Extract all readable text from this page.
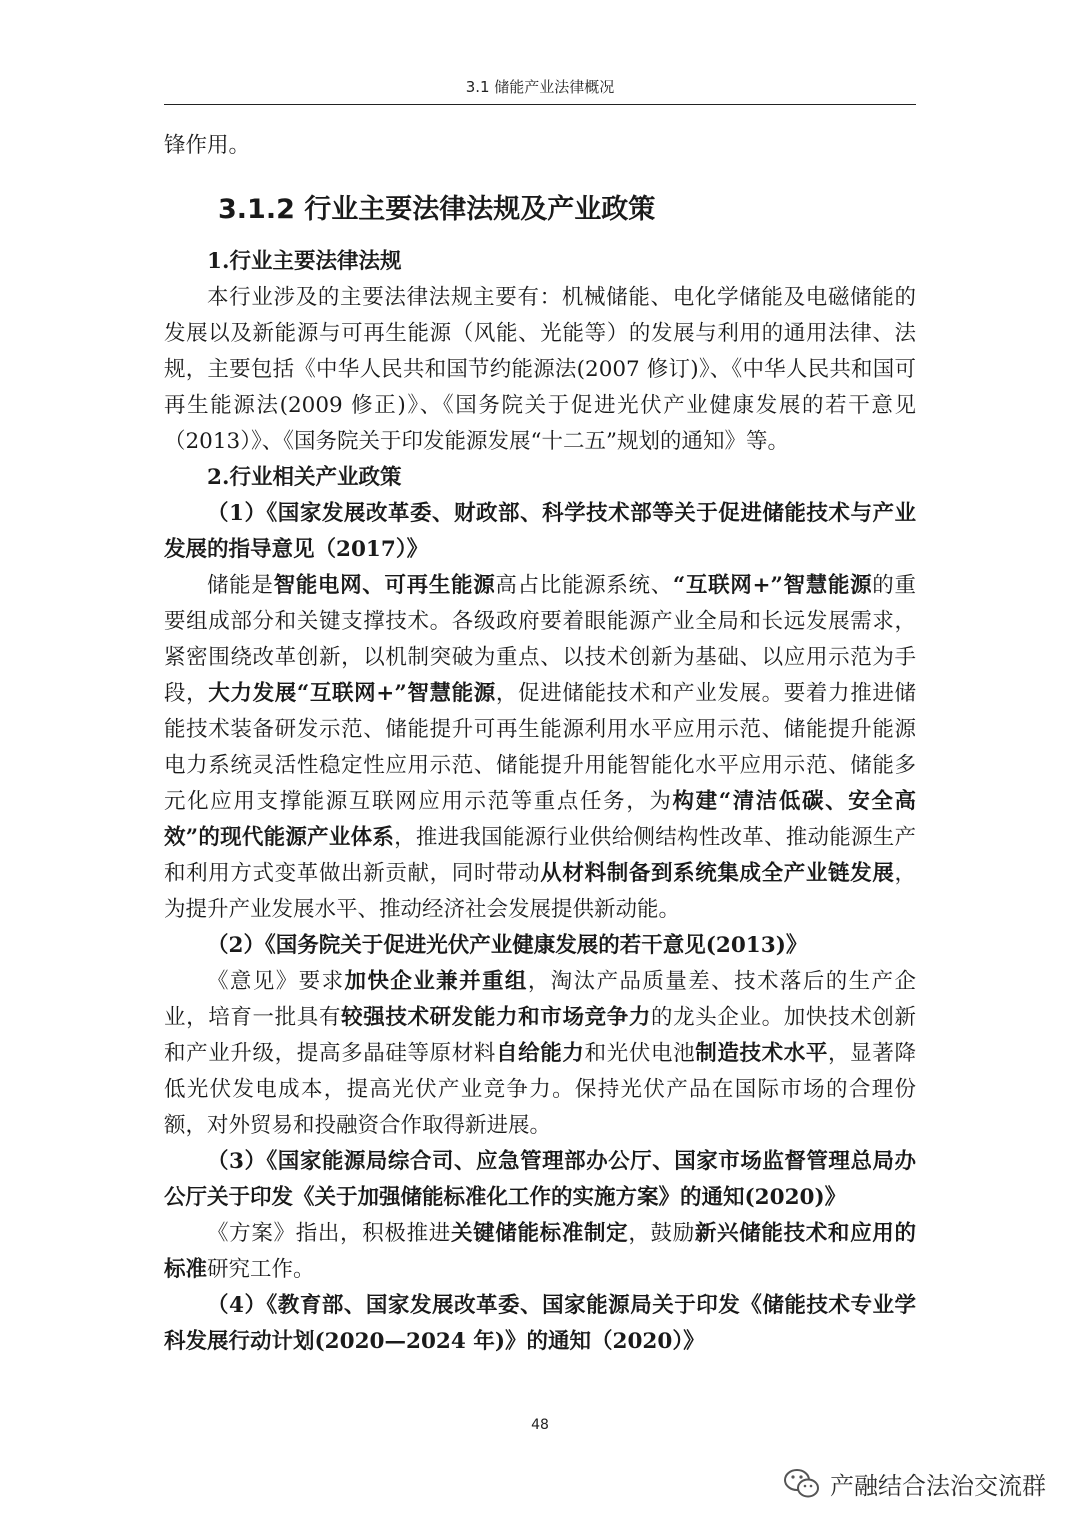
3.1 储能产业法律概况

锋作用。

3.1.2 行业主要法律法规及产业政策

1.行业主要法律法规

本行业涉及的主要法律法规主要有：机械储能、电化学储能及电磁储能的发展以及新能源与可再生能源（风能、光能等）的发展与利用的通用法律、法规，主要包括《中华人民共和国节约能源法(2007 修订)》、《中华人民共和国可再生能源法(2009 修正)》、《国务院关于促进光伏产业健康发展的若干意见（2013）》、《国务院关于印发能源发展“十二五”规划的通知》等。

2.行业相关产业政策

（1）《国家发展改革委、财政部、科学技术部等关于促进储能技术与产业发展的指导意见（2017）》

储能是智能电网、可再生能源高占比能源系统、“互联网+”智慧能源的重要组成部分和关键支撑技术。各级政府要着眼能源产业全局和长远发展需求，紧密围绕改革创新，以机制突破为重点、以技术创新为基础、以应用示范为手段，大力发展“互联网+”智慧能源，促进储能技术和产业发展。要着力推进储能技术装备研发示范、储能提升可再生能源利用水平应用示范、储能提升能源电力系统灵活性稳定性应用示范、储能提升用能智能化水平应用示范、储能多元化应用支撑能源互联网应用示范等重点任务，为构建“清洁低碳、安全高效”的现代能源产业体系，推进我国能源行业供给侧结构性改革、推动能源生产和利用方式变革做出新贡献，同时带动从材料制备到系统集成全产业链发展，为提升产业发展水平、推动经济社会发展提供新动能。

（2）《国务院关于促进光伏产业健康发展的若干意见(2013)》

《意见》要求加快企业兼并重组，淘汰产品质量差、技术落后的生产企业，培育一批具有较强技术研发能力和市场竞争力的龙头企业。加快技术创新和产业升级，提高多晶硅等原材料自给能力和光伏电池制造技术水平，显著降低光伏发电成本，提高光伏产业竞争力。保持光伏产品在国际市场的合理份额，对外贸易和投融资合作取得新进展。

（3）《国家能源局综合司、应急管理部办公厅、国家市场监督管理总局办公厅关于印发《关于加强储能标准化工作的实施方案》的通知(2020)》

《方案》指出，积极推进关键储能标准制定，鼓励新兴储能技术和应用的标准研究工作。

（4）《教育部、国家发展改革委、国家能源局关于印发《储能技术专业学科发展行动计划(2020—2024 年)》的通知（2020）》

48
产融结合法治交流群
